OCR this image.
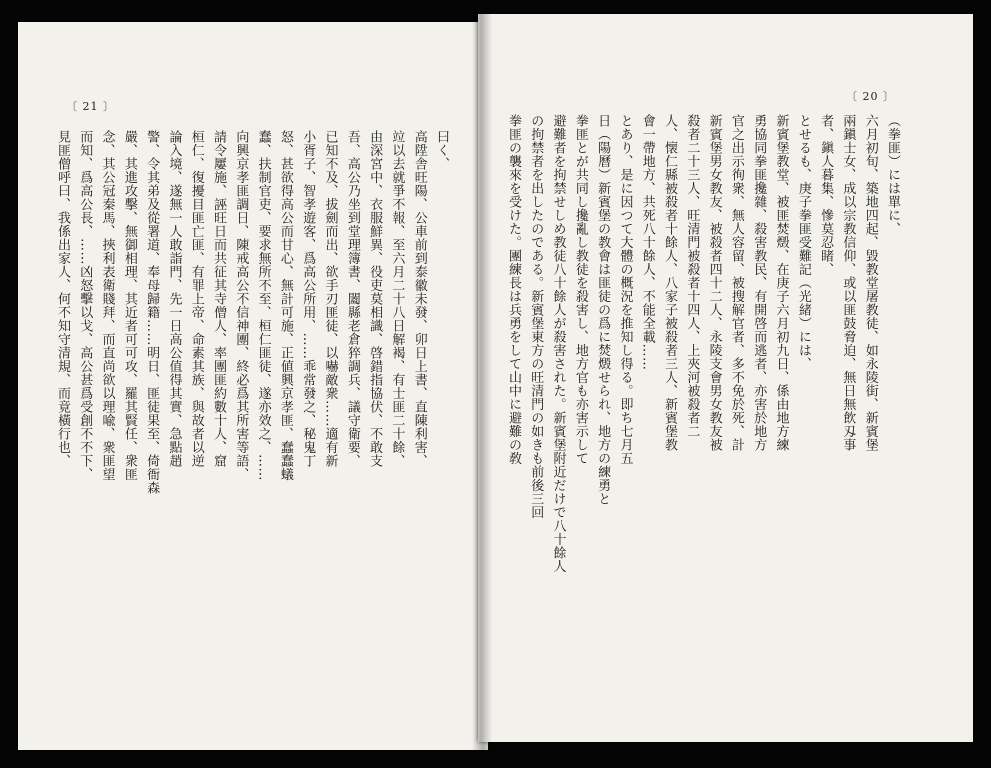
〔 21 〕
曰く、
高陞舎旺陽、公車前到泰徽未發、卯日上書、直陳利害、
竝以去就爭不報、至六月二十八日解褐、有士匪二十餘、
由深宮中、衣服鮮異、役吏莫相識、啓錯指協伏、不敢支
吾、高公乃坐到堂理簿書、闔縣老倉猝調兵、議守衛要、
已知不及、拔劍而出、欲手刃匪徒、以嚇敵衆……適有新
小胥子、智孝遊客、爲高公所用、……乖常發之、秘鬼丁
怒、甚欲得高公而甘心、無計可施、正値興京孝匪、蠢蠢蟻
蠢、扶制官吏、要求無所不至、桓仁匪徒、遂亦效之、……
向興京孝匪調日、陳戒高公不信神團、終必爲其所害等語、
請令屢施、誣旺日而共征其寺僧人、率團匪約數十人、窟
桓仁、復擾目匪亡匪、有罪上帝、命素其族、與故者以逆
論入境、遂無一人敢詣門、先一日高公值得其實、急點趙
警、令其弟及從署道、奉母歸籍……明日、匪徒果至、倚衙森
嚴、其進攻擊、無御相理、其近者可可攻、羅其賢任、衆匪
念、其公冠秦馬、挾利表衛賤拜、而直尚欲以理喩、衆匪望
而知、爲高公長、……凶怒擊以戈、高公甚爲受創不不下、
見匪僧呼曰、我係出家人、何不知守清規、而竟橫行也、
〔 20 〕
（拳匪）には單に、
六月初旬、築地四起、毀教堂屠教徒、如永陵街、新賓堡
兩鎭士女、成以宗教信仰、或以匪鼓脅迫、無日無飲刄事
者、鎭人暮集、慘莫忍睹、
とせるも、庚子拳匪受難記（光緒）には、
新賓堡教堂、被匪焚燬、在庚子六月初九日、係由地方練
勇協同拳匪攙雜、殺害教民、有開啓而逃者、亦害於地方
官之出示徇衆、無人容留、被搜解官者、多不免於死、計
新賓堡男女教友、被殺者四十二人、永陵支會男女教友被
殺者二十三人、旺清門被殺者十四人、上夾河被殺者二
人、懐仁縣被殺者十餘人、八家子被殺者三人、新賓堡教
會一帶地方、共死八十餘人、不能全載……
とあり、是に因つて大體の概況を推知し得る。即ち七月五
日（陽曆）新賓堡の教會は匪徒の爲に焚燬せられ、地方の練勇と
拳匪とが共同し攙亂し教徒を殺害し、地方官も亦害示して
避難者を拘禁せしめ教徒八十餘人が殺害された。新賓堡附近だけで八十餘人
の拘禁者を出したのである。新賓堡東方の旺清門の如きも前後三回
拳匪の襲來を受けた。團練長は兵勇をして山中に避難の敎
